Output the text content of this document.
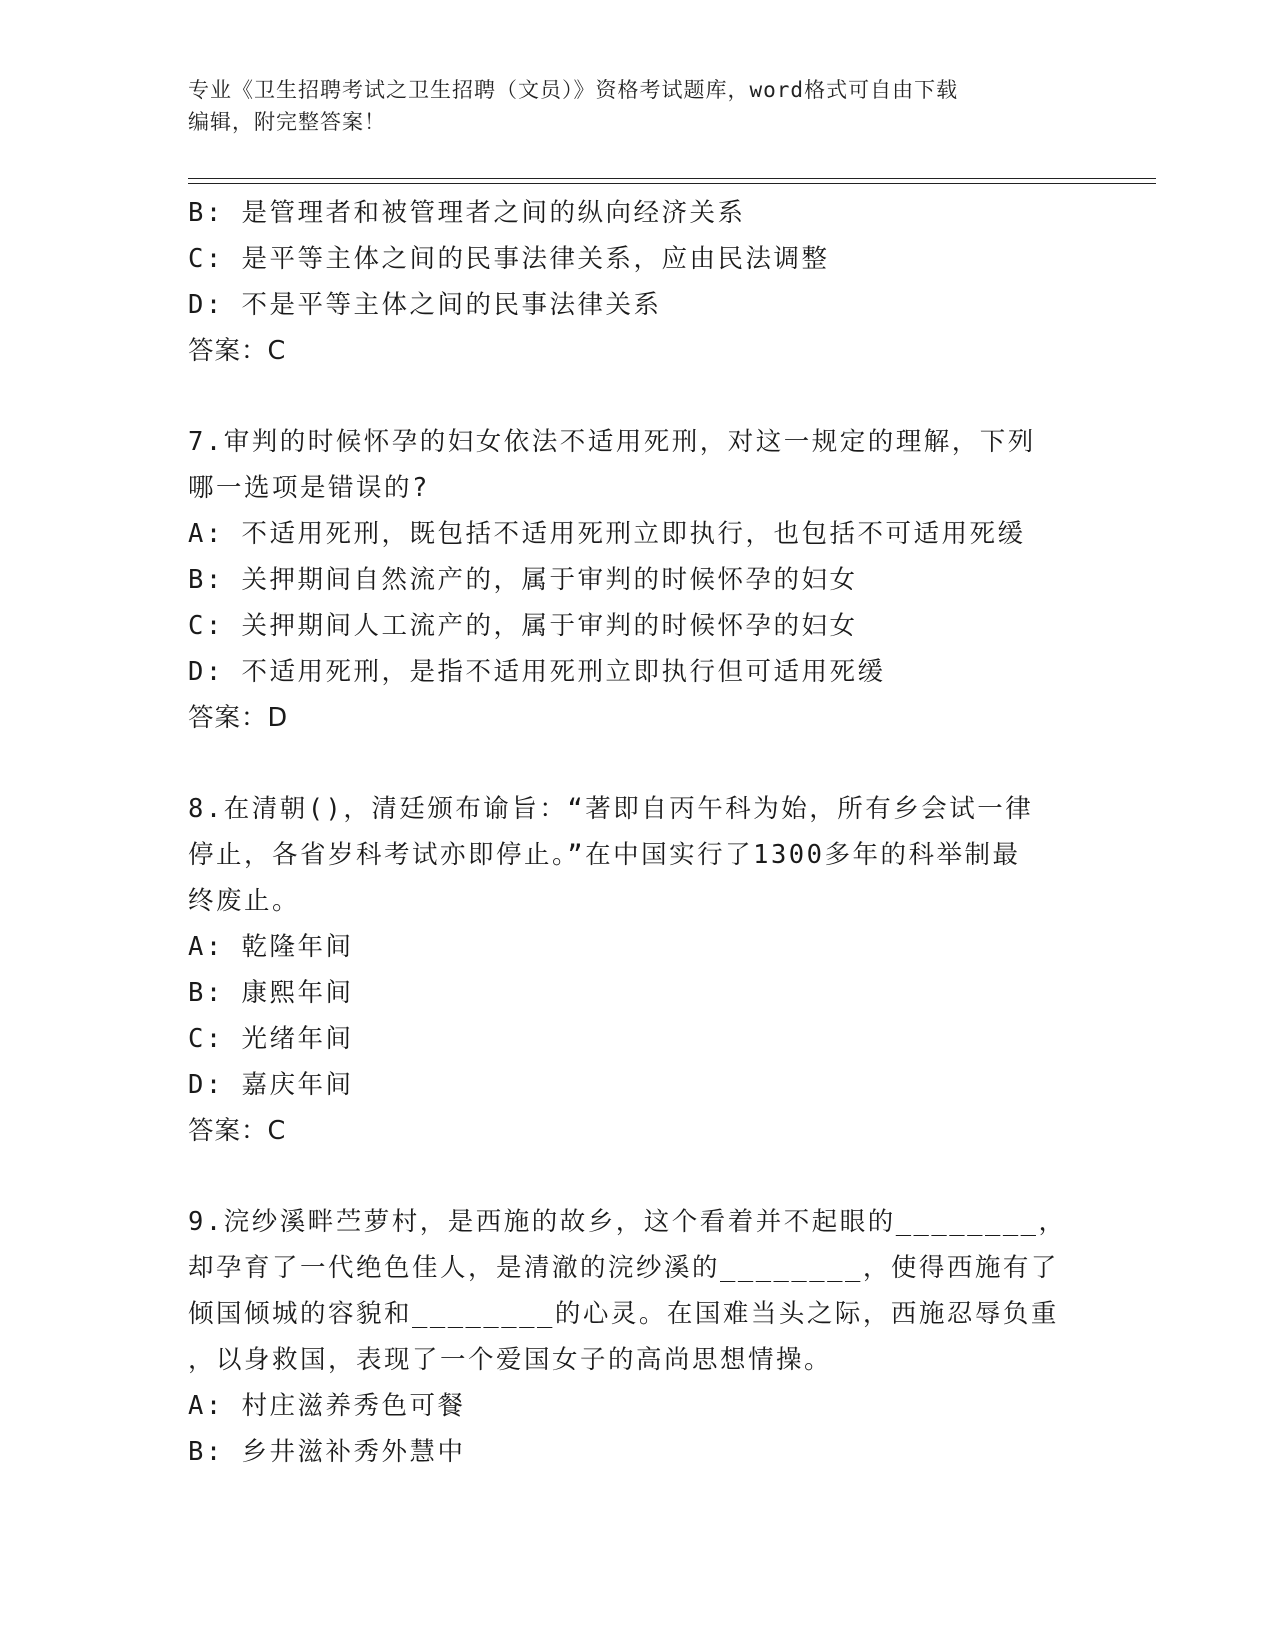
专业《卫生招聘考试之卫生招聘（文员）》资格考试题库，word格式可自由下载
编辑，附完整答案！
B: 是管理者和被管理者之间的纵向经济关系
C: 是平等主体之间的民事法律关系，应由民法调整
D: 不是平等主体之间的民事法律关系
答案：C
7.审判的时候怀孕的妇女依法不适用死刑，对这一规定的理解，下列
哪一选项是错误的?
A: 不适用死刑，既包括不适用死刑立即执行，也包括不可适用死缓
B: 关押期间自然流产的，属于审判的时候怀孕的妇女
C: 关押期间人工流产的，属于审判的时候怀孕的妇女
D: 不适用死刑，是指不适用死刑立即执行但可适用死缓
答案：D
8.在清朝()，清廷颁布谕旨：“著即自丙午科为始，所有乡会试一律
停止，各省岁科考试亦即停止。”在中国实行了1300多年的科举制最
终废止。
A: 乾隆年间
B: 康熙年间
C: 光绪年间
D: 嘉庆年间
答案：C
9.浣纱溪畔苎萝村，是西施的故乡，这个看着并不起眼的________，
却孕育了一代绝色佳人，是清澈的浣纱溪的________，使得西施有了
倾国倾城的容貌和________的心灵。在国难当头之际，西施忍辱负重
，以身救国，表现了一个爱国女子的高尚思想情操。
A: 村庄滋养秀色可餐
B: 乡井滋补秀外慧中
